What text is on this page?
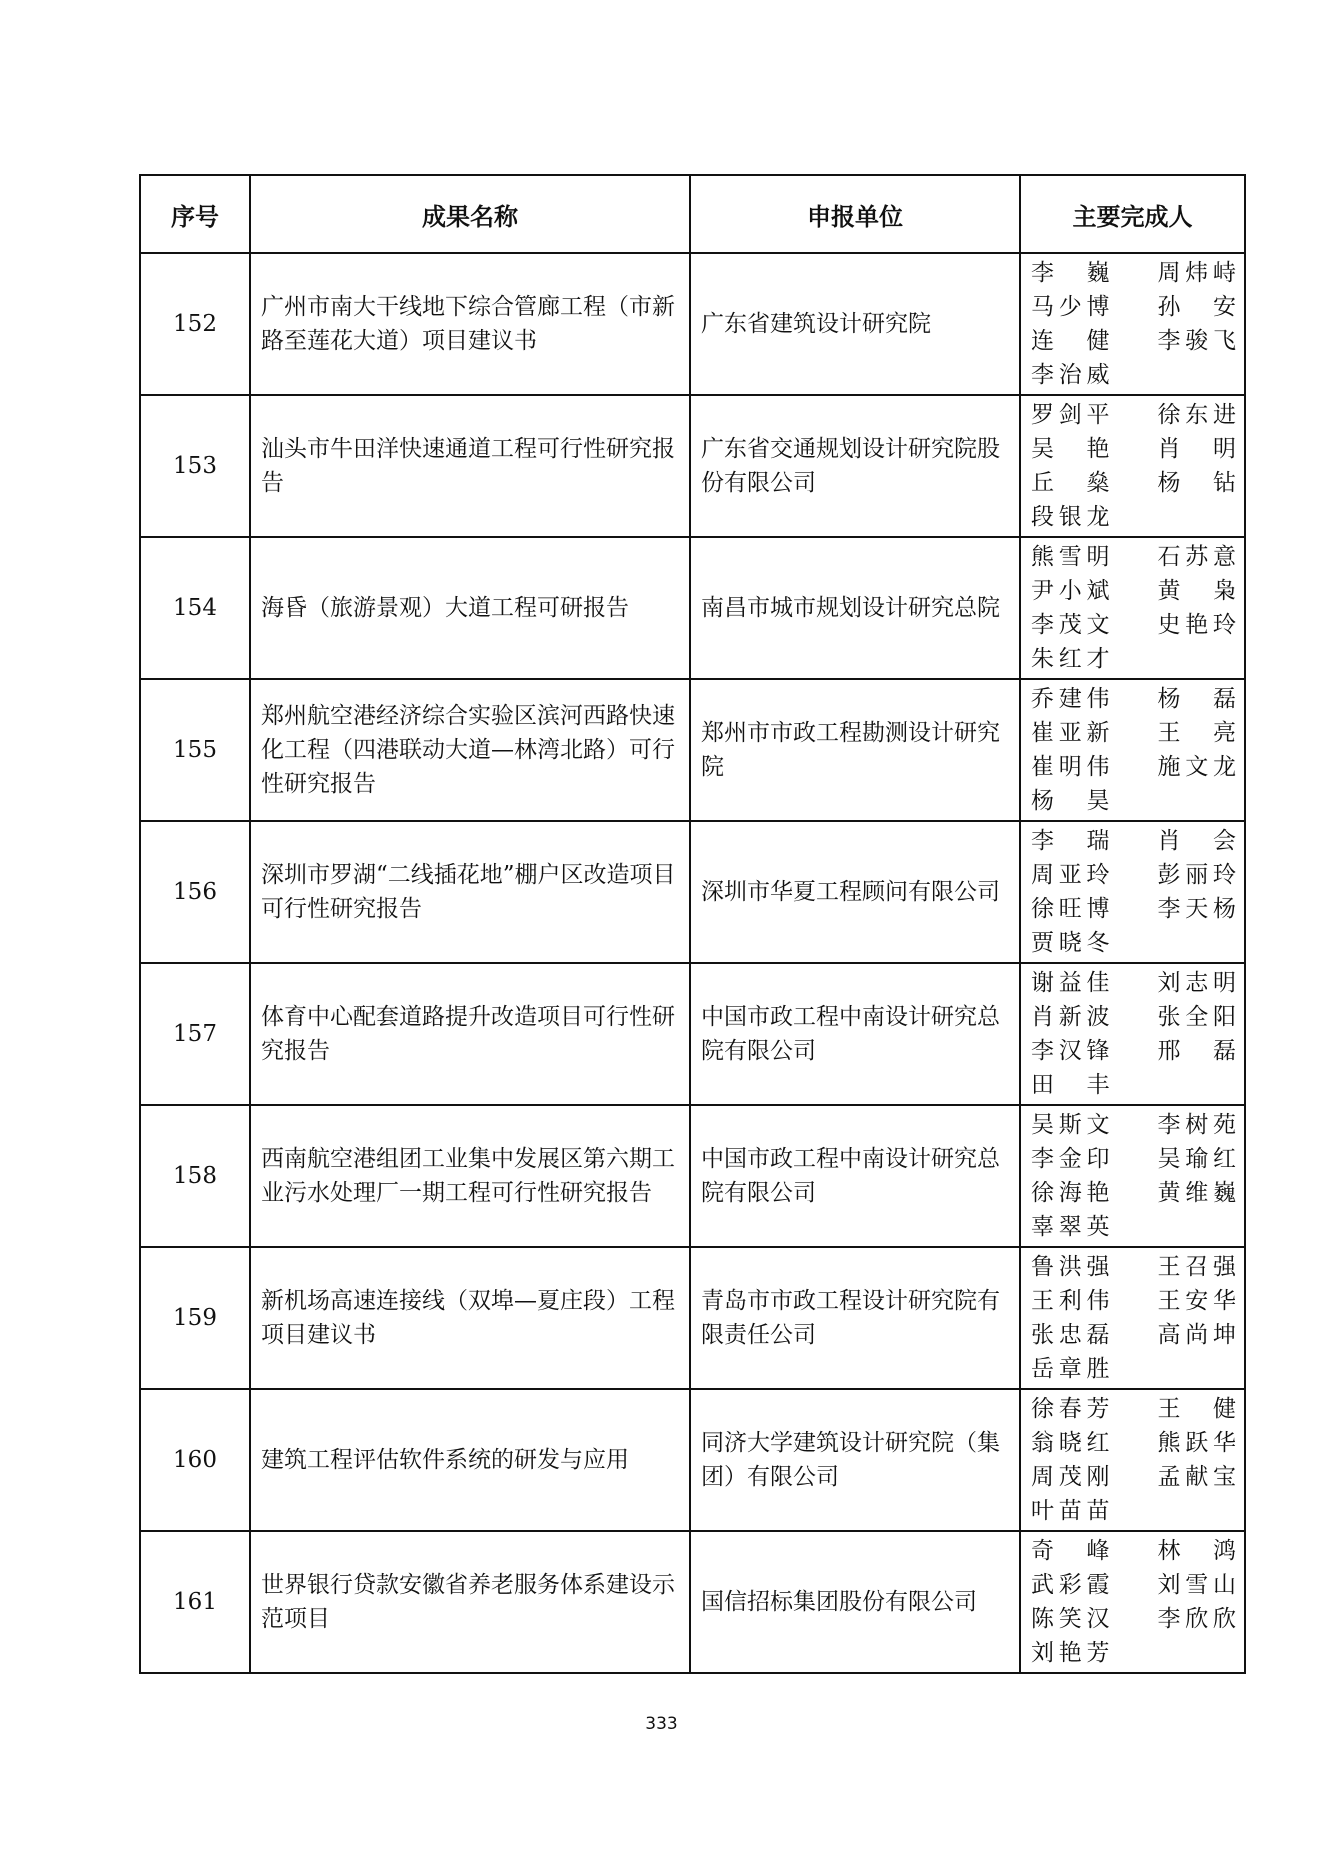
序号	成果名称	申报单位	主要完成人
152	广州市南大干线地下综合管廊工程（市新路至莲花大道）项目建议书	广东省建筑设计研究院	李　巍 周炜峙马少博 孙　安连　健 李骏飞李治威

153	汕头市牛田洋快速通道工程可行性研究报告	广东省交通规划设计研究院股份有限公司	罗剑平 徐东进吴　艳 肖　明丘　燊 杨　钻段银龙

154	海昏（旅游景观）大道工程可研报告	南昌市城市规划设计研究总院	熊雪明 石苏意尹小斌 黄　枭李茂文 史艳玲朱红才

155	郑州航空港经济综合实验区滨河西路快速化工程（四港联动大道—林湾北路）可行性研究报告	郑州市市政工程勘测设计研究院	乔建伟 杨　磊崔亚新 王　亮崔明伟 施文龙杨　昊

156	深圳市罗湖“二线插花地”棚户区改造项目可行性研究报告	深圳市华夏工程顾问有限公司	李　瑞 肖　会周亚玲 彭丽玲徐旺博 李天杨贾晓冬

157	体育中心配套道路提升改造项目可行性研究报告	中国市政工程中南设计研究总院有限公司	谢益佳 刘志明肖新波 张全阳李汉锋 邢　磊田　丰

158	西南航空港组团工业集中发展区第六期工业污水处理厂一期工程可行性研究报告	中国市政工程中南设计研究总院有限公司	吴斯文 李树苑李金印 吴瑜红徐海艳 黄维巍辜翠英

159	新机场高速连接线（双埠—夏庄段）工程项目建议书	青岛市市政工程设计研究院有限责任公司	鲁洪强 王召强王利伟 王安华张忠磊 高尚坤岳章胜

160	建筑工程评估软件系统的研发与应用	同济大学建筑设计研究院（集团）有限公司	徐春芳 王　健翁晓红 熊跃华周茂刚 孟献宝叶苗苗

161	世界银行贷款安徽省养老服务体系建设示范项目	国信招标集团股份有限公司	奇　峰 林　鸿武彩霞 刘雪山陈笑汉 李欣欣刘艳芳
333
